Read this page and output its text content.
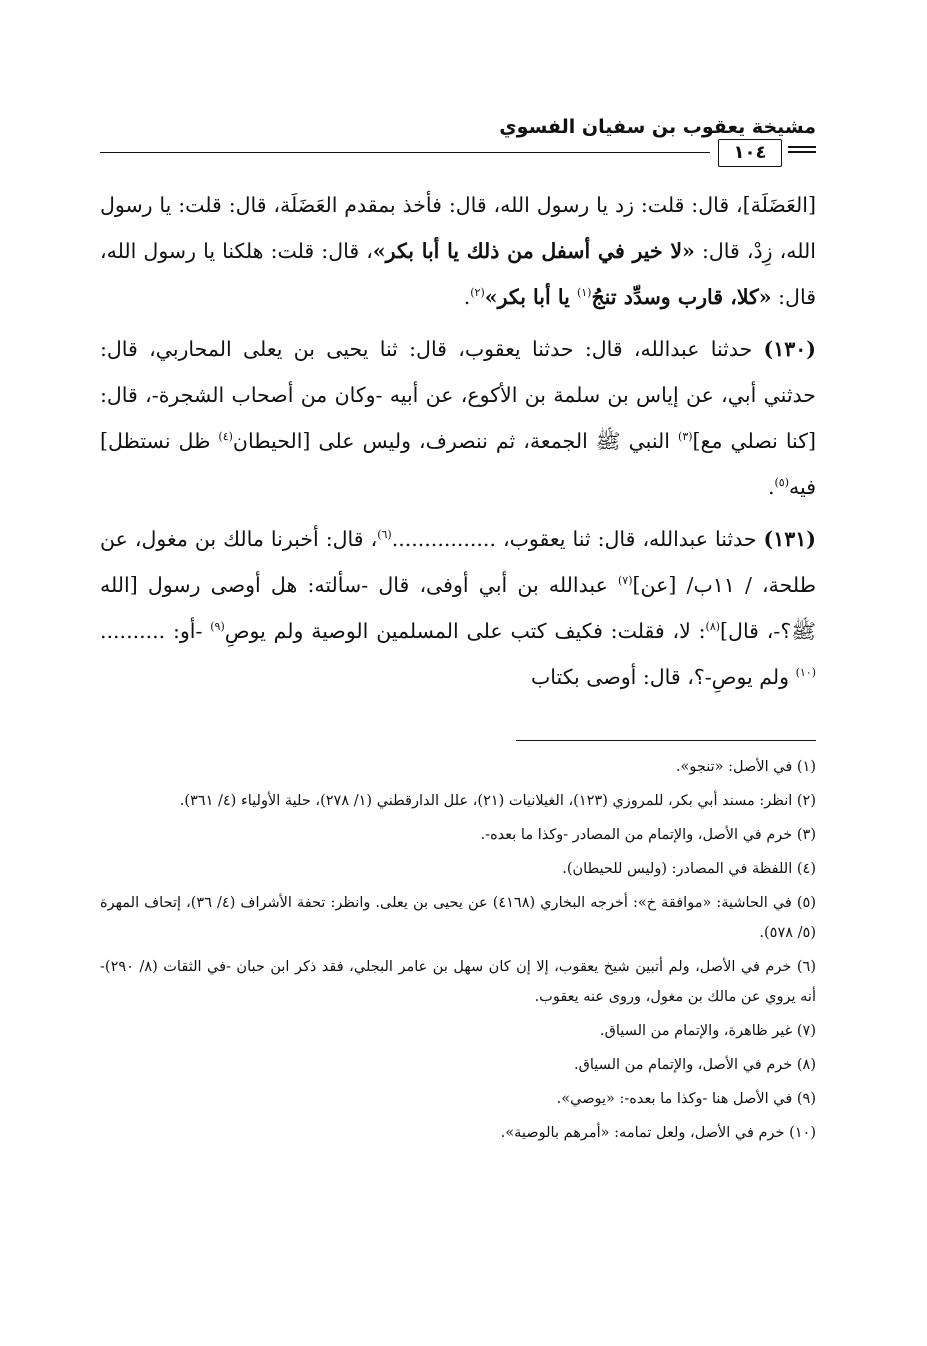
مشيخة يعقوب بن سفيان الفسوي
١٠٤

[العَضَلَة]، قال: قلت: زد يا رسول الله، قال: فأخذ بمقدم العَضَلَة، قال: قلت: يا رسول الله، زِدْ، قال: «لا خير في أسفل من ذلك يا أبا بكر»، قال: قلت: هلكنا يا رسول الله، قال: «كلا، قارب وسدِّد تنجُ$^{(١)}$ يا أبا بكر»$^{(٢)}$.

(١٣٠) حدثنا عبدالله، قال: حدثنا يعقوب، قال: ثنا يحيى بن يعلى المحاربي، قال: حدثني أبي، عن إياس بن سلمة بن الأكوع، عن أبيه -وكان من أصحاب الشجرة-، قال: [كنا نصلي مع]$^{(٣)}$ النبي ﷺ الجمعة، ثم ننصرف، وليس على [الحيطان$^{(٤)}$ ظل نستظل] فيه$^{(٥)}$.

(١٣١) حدثنا عبدالله، قال: ثنا يعقوب، ................$^{(٦)}$، قال: أخبرنا مالك بن مغول، عن طلحة، / ١١ب/ [عن]$^{(٧)}$ عبدالله بن أبي أوفى، قال -سألته: هل أوصى رسول [الله ﷺ؟-، قال]$^{(٨)}$: لا، فقلت: فكيف كتب على المسلمين الوصية ولم يوصِ$^{(٩)}$ -أو: ..........$^{(١٠)}$ ولم يوصِ-؟، قال: أوصى بكتاب

(١) في الأصل: «تنجو».

(٢) انظر: مسند أبي بكر، للمروزي (١٢٣)، الغيلانيات (٢١)، علل الدارقطني (١/ ٢٧٨)، حلية الأولياء (٤/ ٣٦١).

(٣) خرم في الأصل، والإتمام من المصادر -وكذا ما بعده-.

(٤) اللفظة في المصادر: (وليس للحيطان).

(٥) في الحاشية: «موافقة خ»: أخرجه البخاري (٤١٦٨) عن يحيى بن يعلى. وانظر: تحفة الأشراف (٤/ ٣٦)، إتحاف المهرة (٥/ ٥٧٨).

(٦) خرم في الأصل، ولم أتبين شيخ يعقوب، إلا إن كان سهل بن عامر البجلي، فقد ذكر ابن حبان -في الثقات (٨/ ٢٩٠)- أنه يروي عن مالك بن مغول، وروى عنه يعقوب.

(٧) غير ظاهرة، والإتمام من السياق.

(٨) خرم في الأصل، والإتمام من السياق.

(٩) في الأصل هنا -وكذا ما بعده-: «يوصي».

(١٠) خرم في الأصل، ولعل تمامه: «أمرهم بالوصية».
